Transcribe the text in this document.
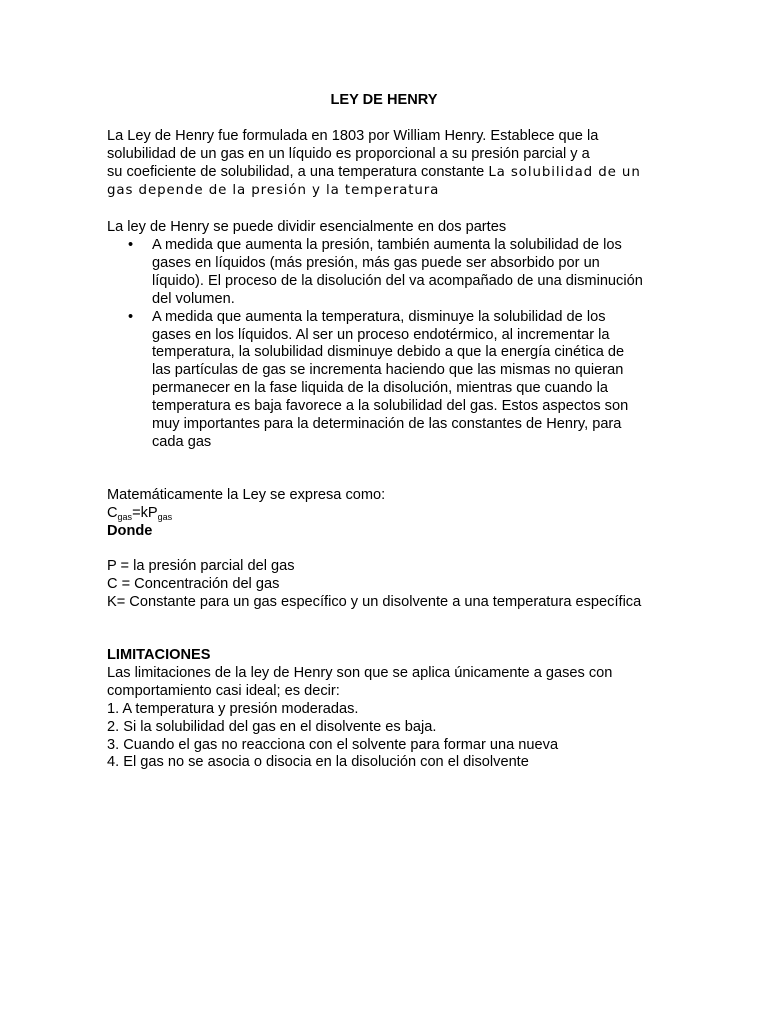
LEY DE HENRY
La Ley de Henry fue formulada en 1803 por William Henry. Establece que la
solubilidad de un gas en un líquido es proporcional a su presión parcial y a
su coeficiente de solubilidad, a una temperatura constante La solubilidad de un
gas depende de la presión y la temperatura
La ley de Henry se puede dividir esencialmente en dos partes
• A medida que aumenta la presión, también aumenta la solubilidad de los
gases en líquidos (más presión, más gas puede ser absorbido por un
líquido). El proceso de la disolución del va acompañado de una disminución
del volumen.
• A medida que aumenta la temperatura, disminuye la solubilidad de los
gases en los líquidos. Al ser un proceso endotérmico, al incrementar la
temperatura, la solubilidad disminuye debido a que la energía cinética de
las partículas de gas se incrementa haciendo que las mismas no quieran
permanecer en la fase liquida de la disolución, mientras que cuando la
temperatura es baja favorece a la solubilidad del gas. Estos aspectos son
muy importantes para la determinación de las constantes de Henry, para
cada gas
Matemáticamente la Ley se expresa como:
$C_{gas}=kP_{gas}$
Donde
P = la presión parcial del gas
C = Concentración del gas
K= Constante para un gas específico y un disolvente a una temperatura específica
LIMITACIONES
Las limitaciones de la ley de Henry son que se aplica únicamente a gases con
comportamiento casi ideal; es decir:
1. A temperatura y presión moderadas.
2. Si la solubilidad del gas en el disolvente es baja.
3. Cuando el gas no reacciona con el solvente para formar una nueva
4. El gas no se asocia o disocia en la disolución con el disolvente
